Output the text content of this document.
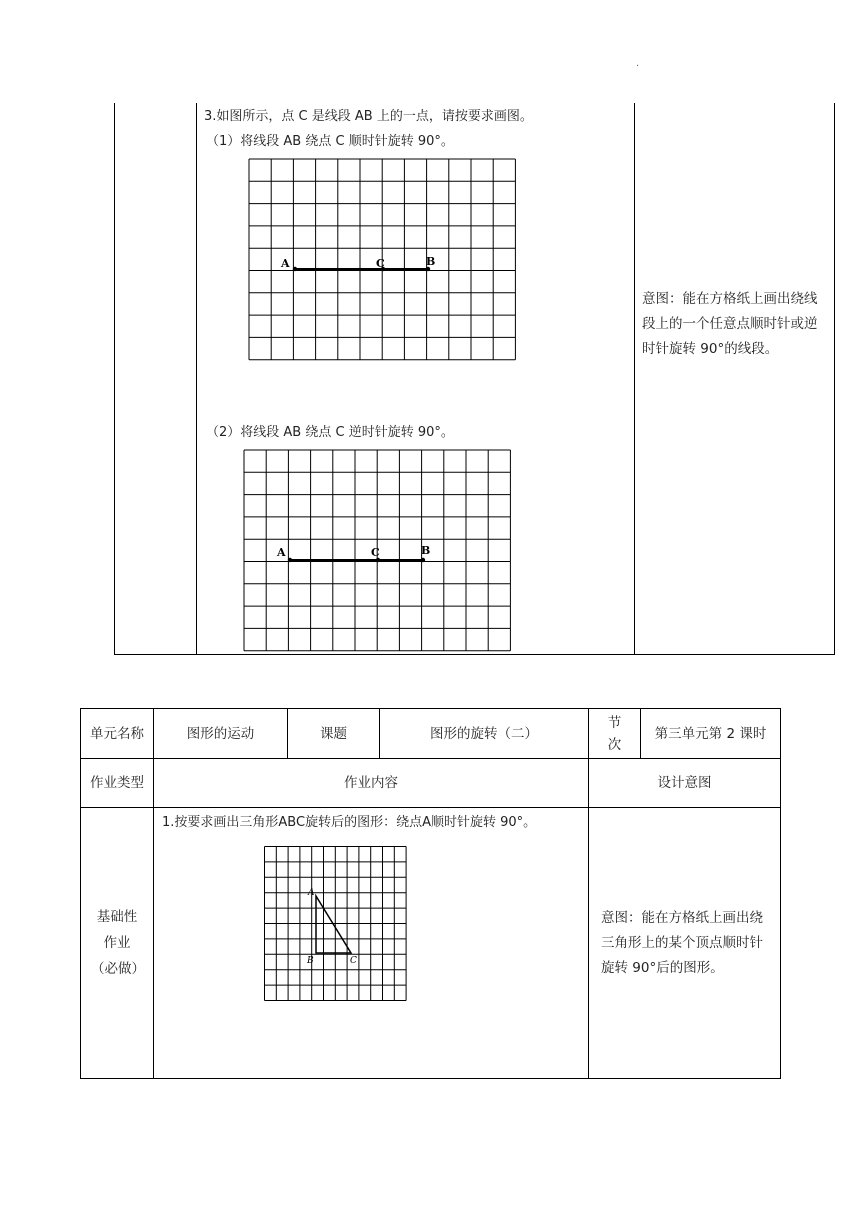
.
3.如图所示，点 C 是线段 AB 上的一点，请按要求画图。
（1）将线段 AB 绕点 C 顺时针旋转 90°。
A	C	B
（2）将线段 AB 绕点 C 逆时针旋转 90°。
A	C	B
意图：能在方格纸上画出绕线段上的一个任意点顺时针或逆时针旋转 90°的线段。
单元名称	图形的运动	课题	图形的旋转（二）	节次	第三单元第 2 课时
作业类型	作业内容			设计意图	
基础性作业（必做）	1.按要求画出三角形ABC旋转后的图形：绕点A顺时针旋转 90°。
A
B C			意图：能在方格纸上画出绕三角形上的某个顶点顺时针旋转 90°后的图形。	
